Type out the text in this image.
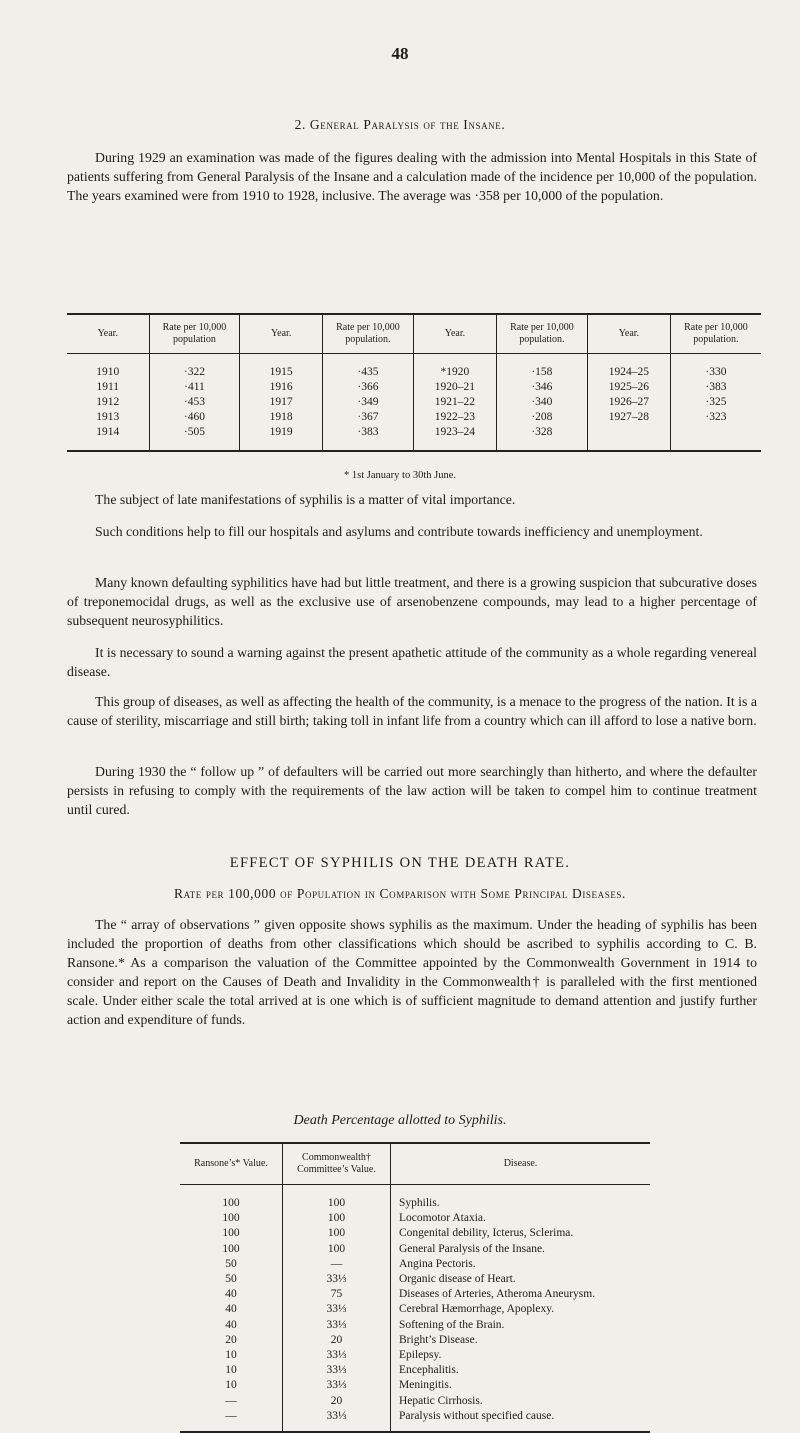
48
2. General Paralysis of the Insane.

During 1929 an examination was made of the figures dealing with the admission into Mental Hospitals in this State of patients suffering from General Paralysis of the Insane and a calculation made of the incidence per 10,000 of the population. The years examined were from 1910 to 1928, inclusive. The average was ·358 per 10,000 of the population.

Year.	Rate per 10,000 population	Year.	Rate per 10,000 population.	Year.	Rate per 10,000 population.	Year.	Rate per 10,000 population.
1910	·322	1915	·435	*1920	·158	1924–25	·330
1911	·411	1916	·366	1920–21	·346	1925–26	·383
1912	·453	1917	·349	1921–22	·340	1926–27	·325
1913	·460	1918	·367	1922–23	·208	1927–28	·323
1914	·505	1919	·383	1923–24	·328		
* 1st January to 30th June.

The subject of late manifestations of syphilis is a matter of vital importance.

Such conditions help to fill our hospitals and asylums and contribute towards inefficiency and unemployment.

Many known defaulting syphilitics have had but little treatment, and there is a growing suspicion that subcurative doses of treponemocidal drugs, as well as the exclusive use of arsenobenzene compounds, may lead to a higher percentage of subsequent neurosyphilitics.

It is necessary to sound a warning against the present apathetic attitude of the community as a whole regarding venereal disease.

This group of diseases, as well as affecting the health of the community, is a menace to the progress of the nation. It is a cause of sterility, miscarriage and still birth; taking toll in infant life from a country which can ill afford to lose a native born.

During 1930 the “ follow up ” of defaulters will be carried out more searchingly than hitherto, and where the defaulter persists in refusing to comply with the requirements of the law action will be taken to compel him to continue treatment until cured.

EFFECT OF SYPHILIS ON THE DEATH RATE.
Rate per 100,000 of Population in Comparison with Some Principal Diseases.

The “ array of observations ” given opposite shows syphilis as the maximum. Under the heading of syphilis has been included the proportion of deaths from other classifications which should be ascribed to syphilis according to C. B. Ransone.* As a comparison the valuation of the Committee appointed by the Commonwealth Government in 1914 to consider and report on the Causes of Death and Invalidity in the Commonwealth† is paralleled with the first mentioned scale. Under either scale the total arrived at is one which is of sufficient magnitude to demand attention and justify further action and expenditure of funds.

Death Percentage allotted to Syphilis.
Ransone’s* Value.	Commonwealth† Committee’s Value.	Disease.
100	100	Syphilis.
100	100	Locomotor Ataxia.
100	100	Congenital debility, Icterus, Sclerima.
100	100	General Paralysis of the Insane.
50	—	Angina Pectoris.
50	33⅓	Organic disease of Heart.
40	75	Diseases of Arteries, Atheroma Aneurysm.
40	33⅓	Cerebral Hæmorrhage, Apoplexy.
40	33⅓	Softening of the Brain.
20	20	Bright’s Disease.
10	33⅓	Epilepsy.
10	33⅓	Encephalitis.
10	33⅓	Meningitis.
—	20	Hepatic Cirrhosis.
—	33⅓	Paralysis without specified cause.
